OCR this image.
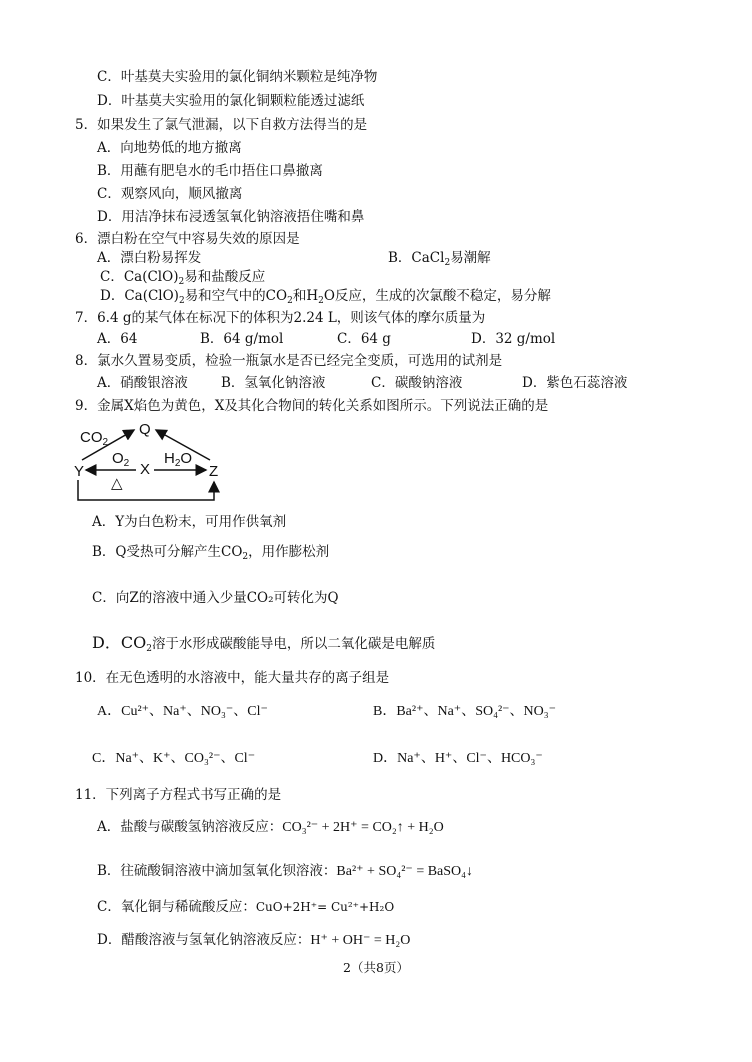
C．叶基莫夫实验用的氯化铜纳米颗粒是纯净物
D．叶基莫夫实验用的氯化铜颗粒能透过滤纸
5．如果发生了氯气泄漏，以下自救方法得当的是
A．向地势低的地方撤离
B．用蘸有肥皂水的毛巾捂住口鼻撤离
C．观察风向，顺风撤离
D．用洁净抹布浸透氢氧化钠溶液捂住嘴和鼻
6．漂白粉在空气中容易失效的原因是
A．漂白粉易挥发	B．CaCl$_2$易潮解
C．$Ca(ClO)_2$易和盐酸反应
D．$Ca(ClO)_2$易和空气中的$CO_2$和$H_2O$反应，生成的次氯酸不稳定，易分解
7．6.4 g的某气体在标况下的体积为2.24 L，则该气体的摩尔质量为
A．64	B．64 g/mol	C．64 g	D．32 g/mol
8．氯水久置易变质，检验一瓶氯水是否已经完全变质，可选用的试剂是
A．硝酸银溶液 B．氢氧化钠溶液	C．碳酸钠溶液	D．紫色石蕊溶液
9．金属X焰色为黄色，X及其化合物间的转化关系如图所示。下列说法正确的是
$CO_2$
Q
Y	X	Z
$O_2$
△
$H_2O$
A．Y为白色粉末，可用作供氧剂
B．Q受热可分解产生$CO_2$，用作膨松剂
C．向Z的溶液中通入少量CO₂可转化为Q
D．$CO_2$溶于水形成碳酸能导电，所以二氧化碳是电解质
10．在无色透明的水溶液中，能大量共存的离子组是
A．Cu²⁺、Na⁺、NO₃⁻、Cl⁻	B．Ba²⁺、Na⁺、SO₄²⁻、NO₃⁻
C．Na⁺、K⁺、CO₃²⁻、Cl⁻	D．Na⁺、H⁺、Cl⁻、HCO₃⁻
11．下列离子方程式书写正确的是
A．盐酸与碳酸氢钠溶液反应：CO₃²⁻ + 2H⁺ = CO₂↑ + H₂O
B．往硫酸铜溶液中滴加氢氧化钡溶液：Ba²⁺ + SO₄²⁻ = BaSO₄↓
C．氧化铜与稀硫酸反应：CuO+2H⁺= Cu²⁺+H₂O
D．醋酸溶液与氢氧化钠溶液反应：H⁺ + OH⁻ = H₂O
2（共8页）
